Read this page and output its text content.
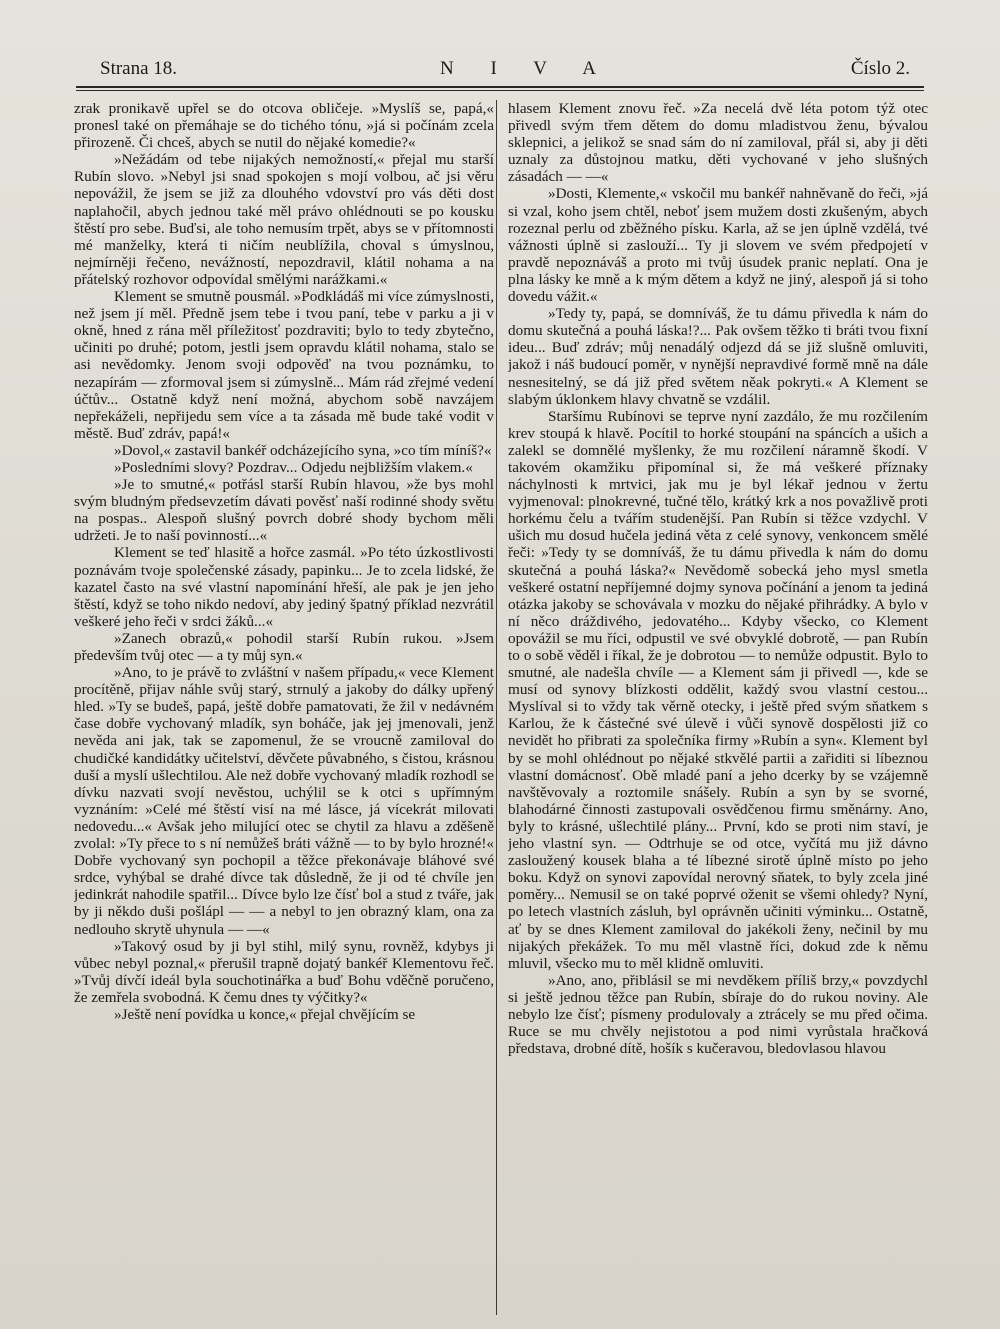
Strana 18.	N I V A	Číslo 2.

zrak pronikavě upřel se do otcova obličeje. »Myslíš se, papá,« pronesl také on přemáhaje se do tichého tónu, »já si počínám zcela přirozeně. Či chceš, abych se nutil do nějaké komedie?«

»Nežádám od tebe nijakých nemožností,« přejal mu starší Rubín slovo. »Nebyl jsi snad spokojen s mojí volbou, ač jsi věru nepovážil, že jsem se již za dlouhého vdovství pro vás děti dost naplahočil, abych jednou také měl právo ohlédnouti se po kousku štěstí pro sebe. Buďsi, ale toho nemusím trpět, abys se v přítomnosti mé manželky, která ti ničím neublížila, choval s úmyslnou, nejmírněji řečeno, nevážností, nepozdravil, klátil nohama a na přátelský rozhovor odpovídal smělými narážkami.«

Klement se smutně pousmál. »Podkládáš mi více zúmyslnosti, než jsem jí měl. Předně jsem tebe i tvou paní, tebe v parku a ji v okně, hned z rána měl příležitosť pozdraviti; bylo to tedy zbytečno, učiniti po druhé; potom, jestli jsem opravdu klátil nohama, stalo se asi nevědomky. Jenom svoji odpověď na tvou poznámku, to nezapírám — zformoval jsem si zúmyslně... Mám rád zřejmé vedení účtův... Ostatně když není možná, abychom sobě navzájem nepřekáželi, nepřijedu sem více a ta zásada mě bude také vodit v městě. Buď zdráv, papá!«

»Dovol,« zastavil bankéř odcházejícího syna, »co tím míníš?«

»Posledními slovy? Pozdrav... Odjedu nejbližším vlakem.«

»Je to smutné,« potřásl starší Rubín hlavou, »že bys mohl svým bludným předsevzetím dávati pověsť naší rodinné shody světu na pospas.. Alespoň slušný povrch dobré shody bychom měli udržeti. Je to naší povinností...«

Klement se teď hlasitě a hořce zasmál. »Po této úzkostlivosti poznávám tvoje společenské zásady, papinku... Je to zcela lidské, že kazatel často na své vlastní napomínání hřeší, ale pak je jen jeho štěstí, když se toho nikdo nedoví, aby jediný špatný příklad nezvrátil veškeré jeho řeči v srdci žáků...«

»Zanech obrazů,« pohodil starší Rubín rukou. »Jsem především tvůj otec — a ty můj syn.«

»Ano, to je právě to zvláštní v našem případu,« vece Klement procítěně, přijav náhle svůj starý, strnulý a jakoby do dálky upřený hled. »Ty se budeš, papá, ještě dobře pamatovati, že žil v nedávném čase dobře vychovaný mladík, syn boháče, jak jej jmenovali, jenž nevěda ani jak, tak se zapomenul, že se vroucně zamiloval do chudičké kandidátky učitelství, děvčete půvabného, s čistou, krásnou duší a myslí ušlechtilou. Ale než dobře vychovaný mladík rozhodl se dívku nazvati svojí nevěstou, uchýlil se k otci s upřímným vyznáním: »Celé mé štěstí visí na mé lásce, já vícekrát milovati nedovedu...« Avšak jeho milující otec se chytil za hlavu a zděšeně zvolal: »Ty přece to s ní nemůžeš bráti vážně — to by bylo hrozné!« Dobře vychovaný syn pochopil a těžce překonávaje bláhové své srdce, vyhýbal se drahé dívce tak důsledně, že ji od té chvíle jen jedinkrát nahodile spatřil... Dívce bylo lze čísť bol a stud z tváře, jak by ji někdo duši pošlápl — — a nebyl to jen obrazný klam, ona za nedlouho skrytě uhynula — —«

»Takový osud by ji byl stihl, milý synu, rovněž, kdybys ji vůbec nebyl poznal,« přerušil trapně dojatý bankéř Klementovu řeč. »Tvůj dívčí ideál byla souchotinářka a buď Bohu vděčně poručeno, že zemřela svobodná. K čemu dnes ty výčitky?«

»Ještě není povídka u konce,« přejal chvějícím se

hlasem Klement znovu řeč. »Za necelá dvě léta potom týž otec přivedl svým třem dětem do domu mladistvou ženu, bývalou sklepnici, a jelikož se snad sám do ní zamiloval, přál si, aby ji děti uznaly za důstojnou matku, děti vychované v jeho slušných zásadách — —«

»Dosti, Klemente,« vskočil mu bankéř nahněvaně do řeči, »já si vzal, koho jsem chtěl, neboť jsem mužem dosti zkušeným, abych rozeznal perlu od zběžného písku. Karla, až se jen úplně vzdělá, tvé vážnosti úplně si zaslouží... Ty ji slovem ve svém předpojetí v pravdě nepoznáváš a proto mi tvůj úsudek pranic neplatí. Ona je plna lásky ke mně a k mým dětem a když ne jiný, alespoň já si toho dovedu vážit.«

»Tedy ty, papá, se domníváš, že tu dámu přivedla k nám do domu skutečná a pouhá láska!?... Pak ovšem těžko ti bráti tvou fixní ideu... Buď zdráv; můj nenadálý odjezd dá se již slušně omluviti, jakož i náš budoucí poměr, v nynější nepravdivé formě mně na dále nesnesitelný, se dá již před světem něak pokryti.« A Klement se slabým úklonkem hlavy chvatně se vzdálil.

Staršímu Rubínovi se teprve nyní zazdálo, že mu rozčilením krev stoupá k hlavě. Pocítil to horké stoupání na spáncích a ušich a zalekl se domnělé myšlenky, že mu rozčilení náramně škodí. V takovém okamžiku připomínal si, že má veškeré příznaky náchylnosti k mrtvici, jak mu je byl lékař jednou v žertu vyjmenoval: plnokrevné, tučné tělo, krátký krk a nos považlivě proti horkému čelu a tvářím studenější. Pan Rubín si těžce vzdychl. V ušich mu dosud hučela jediná věta z celé synovy, venkoncem smělé řeči: »Tedy ty se domníváš, že tu dámu přivedla k nám do domu skutečná a pouhá láska?« Nevědomě sobecká jeho mysl smetla veškeré ostatní nepříjemné dojmy synova počínání a jenom ta jediná otázka jakoby se schovávala v mozku do nějaké přihrádky. A bylo v ní něco dráždivého, jedovatého... Kdyby všecko, co Klement opovážil se mu říci, odpustil ve své obvyklé dobrotě, — pan Rubín to o sobě věděl i říkal, že je dobrotou — to nemůže odpustit. Bylo to smutné, ale nadešla chvíle — a Klement sám ji přivedl —, kde se musí od synovy blízkosti oddělit, každý svou vlastní cestou... Myslíval si to vždy tak věrně otecky, i ještě před svým sňatkem s Karlou, že k částečné své úlevě i vůči synově dospělosti již co nevidět ho přibrati za společníka firmy »Rubín a syn«. Klement byl by se mohl ohlédnout po nějaké stkvělé partii a zařiditi si líbeznou vlastní domácnosť. Obě mladé paní a jeho dcerky by se vzájemně navštěvovaly a roztomile snášely. Rubín a syn by se svorné, blahodárné činnosti zastupovali osvědčenou firmu směnárny. Ano, byly to krásné, ušlechtilé plány... První, kdo se proti nim staví, je jeho vlastní syn. — Odtrhuje se od otce, vyčítá mu již dávno zasloužený kousek blaha a té líbezné sirotě úplně místo po jeho boku. Když on synovi zapovídal nerovný sňatek, to byly zcela jiné poměry... Nemusil se on také poprvé oženit se všemi ohledy? Nyní, po letech vlastních zásluh, byl oprávněn učiniti výminku... Ostatně, ať by se dnes Klement zamiloval do jakékoli ženy, nečinil by mu nijakých překážek. To mu měl vlastně říci, dokud zde k němu mluvil, všecko mu to měl klidně omluviti.

»Ano, ano, přiblásil se mi nevděkem příliš brzy,« povzdychl si ještě jednou těžce pan Rubín, sbíraje do do rukou noviny. Ale nebylo lze čísť; písmeny produlovaly a ztrácely se mu před očima. Ruce se mu chvěly nejistotou a pod nimi vyrůstala hračková představa, drobné dítě, hošík s kučeravou, bledovlasou hlavou
